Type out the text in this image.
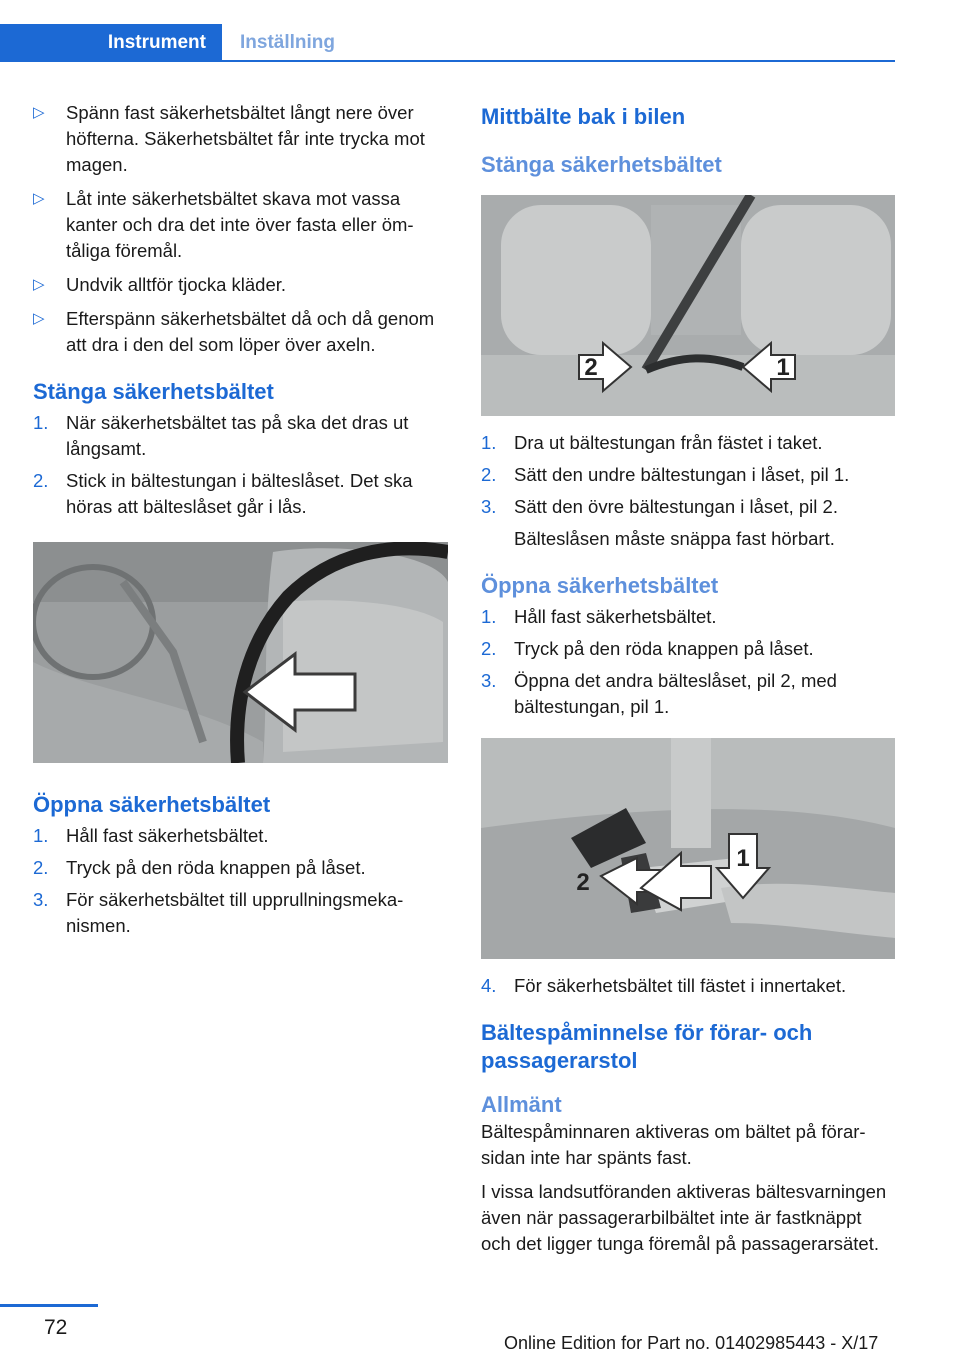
Instrument	Inställning
▷ Spänn fast säkerhetsbältet långt nere över höfterna. Säkerhetsbältet får inte trycka mot magen.
▷ Låt inte säkerhetsbältet skava mot vassa kanter och dra det inte över fasta eller ömtåliga föremål.
▷ Undvik alltför tjocka kläder.
▷ Efterspänn säkerhetsbältet då och då genom att dra i den del som löper över axeln.
Stänga säkerhetsbältet
1. När säkerhetsbältet tas på ska det dras ut långsamt.
2. Stick in bältestungan i bälteslåset. Det ska höras att bälteslåset går i lås.
Öppna säkerhetsbältet
1. Håll fast säkerhetsbältet.
2. Tryck på den röda knappen på låset.
3. För säkerhetsbältet till upprullningsmekanismen.
Mittbälte bak i bilen
Stänga säkerhetsbältet
2	1
1. Dra ut bältestungan från fästet i taket.
2. Sätt den undre bältestungan i låset, pil 1.
3. Sätt den övre bältestungan i låset, pil 2.
Bälteslåsen måste snäppa fast hörbart.
Öppna säkerhetsbältet
1. Håll fast säkerhetsbältet.
2. Tryck på den röda knappen på låset.
3. Öppna det andra bälteslåset, pil 2, med bältestungan, pil 1.
2
1
4. För säkerhetsbältet till fästet i innertaket.
Bältespåminnelse för förar- och passagerarstol
Allmänt

Bältespåminnaren aktiveras om bältet på förarsidan inte har spänts fast.

I vissa landsutföranden aktiveras bältesvarningen även när passagerarbilbältet inte är fastknäppt och det ligger tunga föremål på passagerarsätet.

72
Online Edition for Part no. 01402985443 - X/17
